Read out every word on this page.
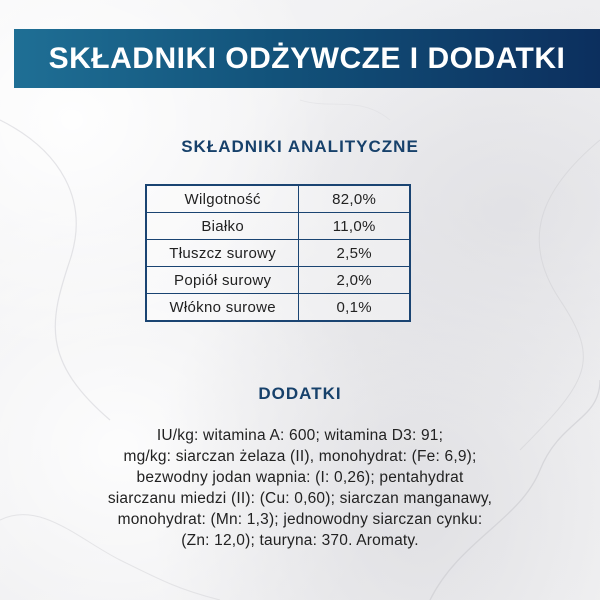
SKŁADNIKI ODŻYWCZE I DODATKI
SKŁADNIKI ANALITYCZNE
Wilgotność	82,0%
Białko	11,0%
Tłuszcz surowy	2,5%
Popiół surowy	2,0%
Włókno surowe	0,1%
DODATKI
IU/kg: witamina A: 600; witamina D3: 91;
mg/kg: siarczan żelaza (II), monohydrat: (Fe: 6,9);
bezwodny jodan wapnia: (I: 0,26); pentahydrat
siarczanu miedzi (II): (Cu: 0,60); siarczan manganawy,
monohydrat: (Mn: 1,3); jednowodny siarczan cynku:
(Zn: 12,0); tauryna: 370. Aromaty.
